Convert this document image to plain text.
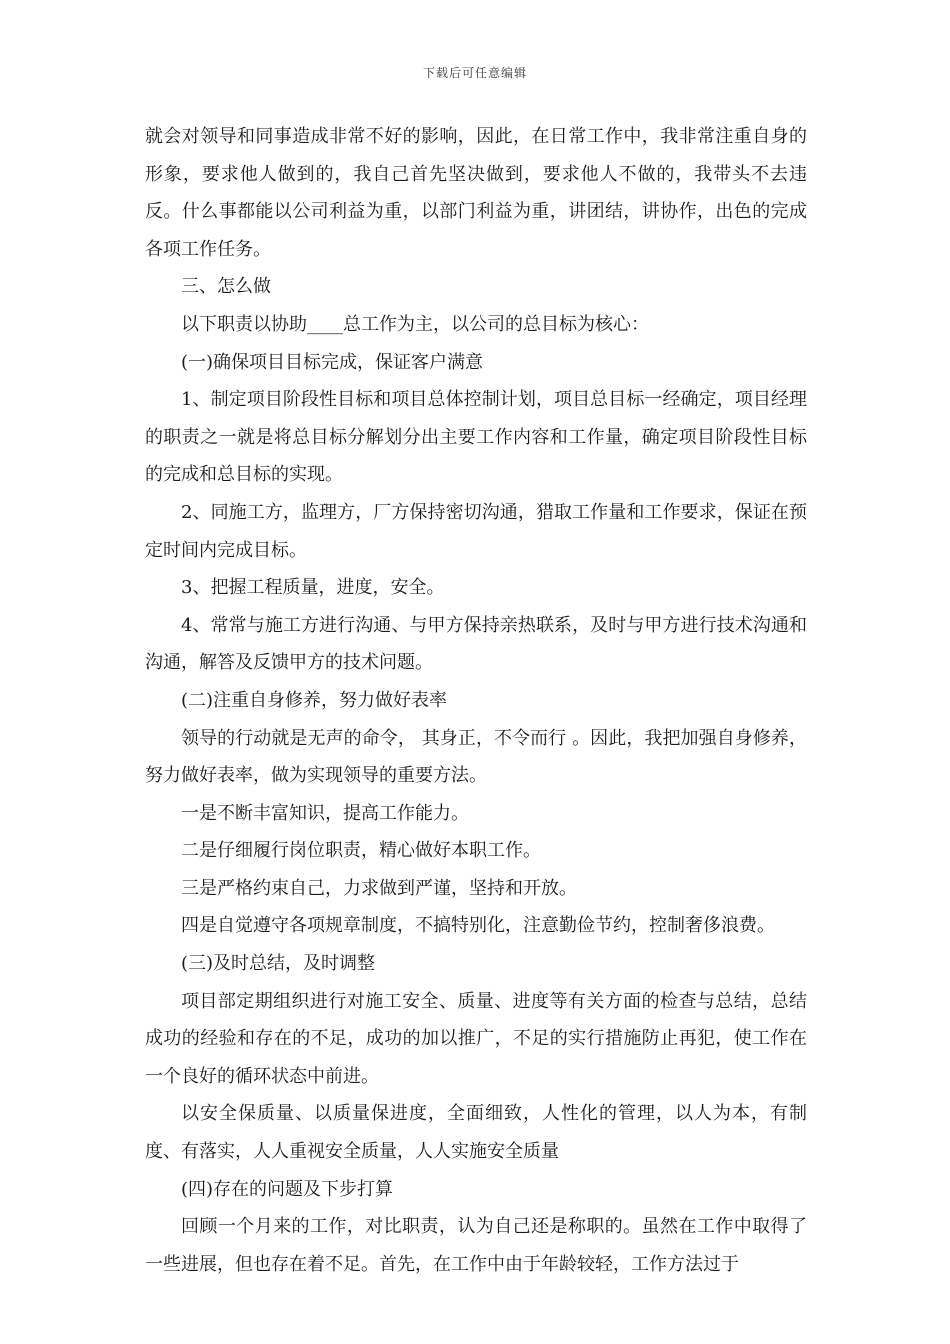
下载后可任意编辑

就会对领导和同事造成非常不好的影响，因此，在日常工作中，我非常注重自身的形象，要求他人做到的，我自己首先坚决做到，要求他人不做的，我带头不去违反。什么事都能以公司利益为重，以部门利益为重，讲团结，讲协作，出色的完成各项工作任务。

三、怎么做

以下职责以协助____总工作为主，以公司的总目标为核心：

(一)确保项目目标完成，保证客户满意

1、制定项目阶段性目标和项目总体控制计划，项目总目标一经确定，项目经理的职责之一就是将总目标分解划分出主要工作内容和工作量，确定项目阶段性目标的完成和总目标的实现。

2、同施工方，监理方，厂方保持密切沟通，猎取工作量和工作要求，保证在预定时间内完成目标。

3、把握工程质量，进度，安全。

4、常常与施工方进行沟通、与甲方保持亲热联系，及时与甲方进行技术沟通和沟通，解答及反馈甲方的技术问题。

(二)注重自身修养，努力做好表率

领导的行动就是无声的命令， 其身正，不令而行 。因此，我把加强自身修养，努力做好表率，做为实现领导的重要方法。

一是不断丰富知识，提高工作能力。

二是仔细履行岗位职责，精心做好本职工作。

三是严格约束自己，力求做到严谨，坚持和开放。

四是自觉遵守各项规章制度，不搞特别化，注意勤俭节约，控制奢侈浪费。

(三)及时总结，及时调整

项目部定期组织进行对施工安全、质量、进度等有关方面的检查与总结，总结成功的经验和存在的不足，成功的加以推广，不足的实行措施防止再犯，使工作在一个良好的循环状态中前进。

以安全保质量、以质量保进度，全面细致，人性化的管理，以人为本，有制度、有落实，人人重视安全质量，人人实施安全质量

(四)存在的问题及下步打算

回顾一个月来的工作，对比职责，认为自己还是称职的。虽然在工作中取得了一些进展，但也存在着不足。首先，在工作中由于年龄较轻，工作方法过于
